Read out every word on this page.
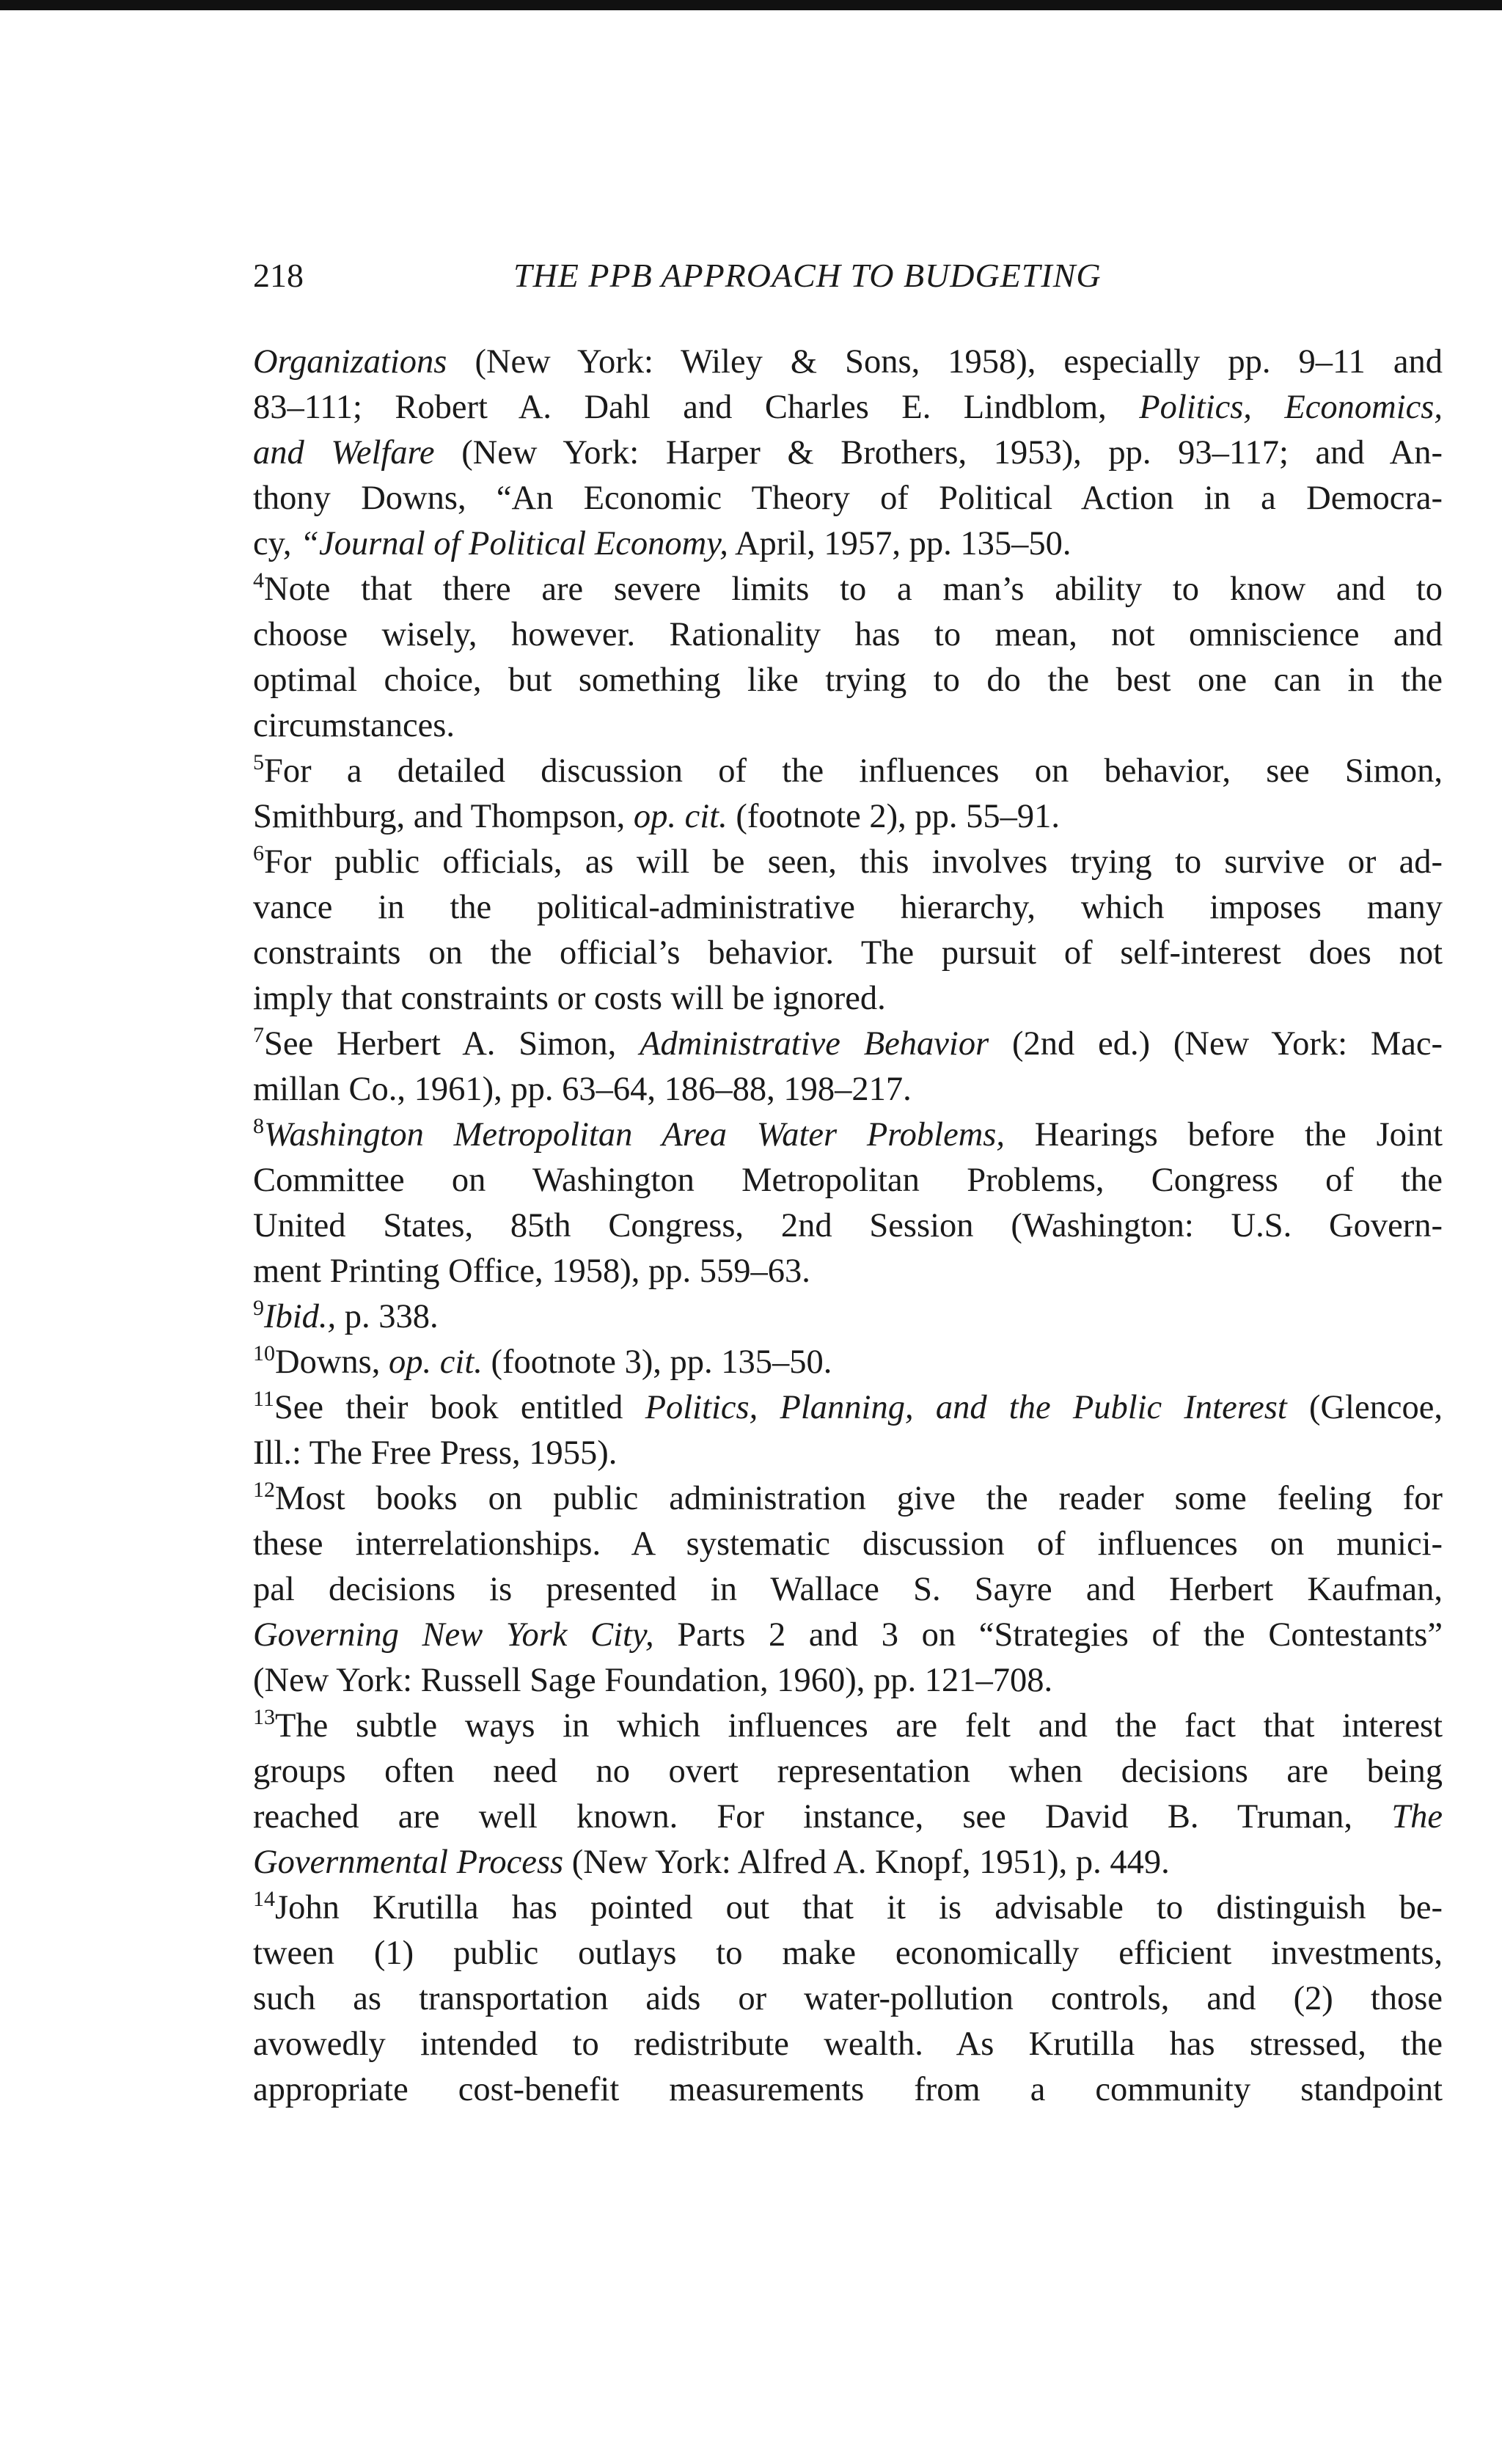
218	THE PPB APPROACH TO BUDGETING
Organizations (New York: Wiley & Sons, 1958), especially pp. 9–11 and
83–111; Robert A. Dahl and Charles E. Lindblom, Politics, Economics,
and Welfare (New York: Harper & Brothers, 1953), pp. 93–117; and An-
thony Downs, “An Economic Theory of Political Action in a Democra-
cy, “Journal of Political Economy, April, 1957, pp. 135–50.
$^4$Note that there are severe limits to a man’s ability to know and to
choose wisely, however. Rationality has to mean, not omniscience and
optimal choice, but something like trying to do the best one can in the
circumstances.
$^5$For a detailed discussion of the influences on behavior, see Simon,
Smithburg, and Thompson, op. cit. (footnote 2), pp. 55–91.
$^6$For public officials, as will be seen, this involves trying to survive or ad-
vance in the political-administrative hierarchy, which imposes many
constraints on the official’s behavior. The pursuit of self-interest does not
imply that constraints or costs will be ignored.
$^7$See Herbert A. Simon, Administrative Behavior (2nd ed.) (New York: Mac-
millan Co., 1961), pp. 63–64, 186–88, 198–217.
$^8$Washington Metropolitan Area Water Problems, Hearings before the Joint
Committee on Washington Metropolitan Problems, Congress of the
United States, 85th Congress, 2nd Session (Washington: U.S. Govern-
ment Printing Office, 1958), pp. 559–63.
$^9$Ibid., p. 338.
$^{10}$Downs, op. cit. (footnote 3), pp. 135–50.
$^{11}$See their book entitled Politics, Planning, and the Public Interest (Glencoe,
Ill.: The Free Press, 1955).
$^{12}$Most books on public administration give the reader some feeling for
these interrelationships. A systematic discussion of influences on munici-
pal decisions is presented in Wallace S. Sayre and Herbert Kaufman,
Governing New York City, Parts 2 and 3 on “Strategies of the Contestants”
(New York: Russell Sage Foundation, 1960), pp. 121–708.
$^{13}$The subtle ways in which influences are felt and the fact that interest
groups often need no overt representation when decisions are being
reached are well known. For instance, see David B. Truman, The
Governmental Process (New York: Alfred A. Knopf, 1951), p. 449.
$^{14}$John Krutilla has pointed out that it is advisable to distinguish be-
tween (1) public outlays to make economically efficient investments,
such as transportation aids or water-pollution controls, and (2) those
avowedly intended to redistribute wealth. As Krutilla has stressed, the
appropriate cost-benefit measurements from a community standpoint
